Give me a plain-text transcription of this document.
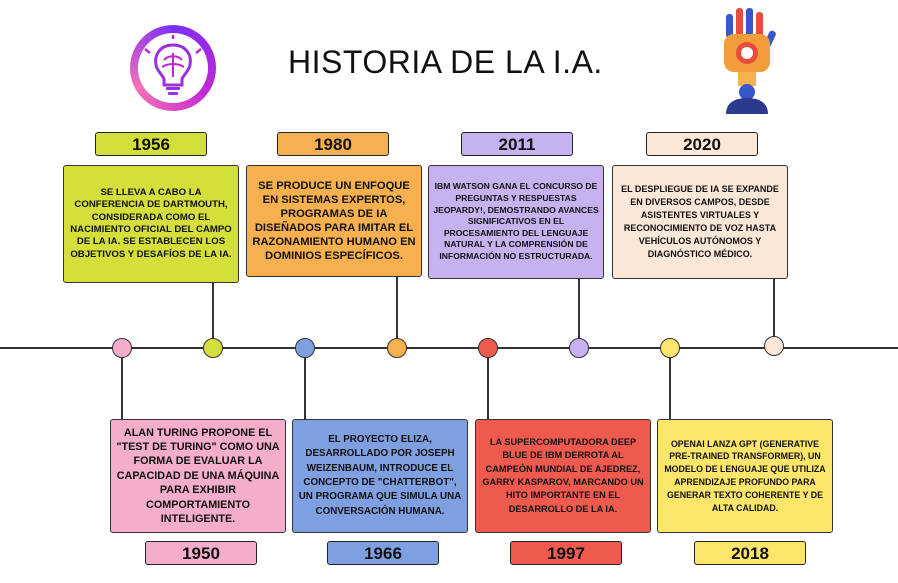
HISTORIA DE LA I.A.
1956	1980	2011	2020
SE LLEVA A CABO LA CONFERENCIA DE DARTMOUTH, CONSIDERADA COMO EL NACIMIENTO OFICIAL DEL CAMPO DE LA IA. SE ESTABLECEN LOS OBJETIVOS Y DESAFÍOS DE LA IA.
SE PRODUCE UN ENFOQUE EN SISTEMAS EXPERTOS, PROGRAMAS DE IA DISEÑADOS PARA IMITAR EL RAZONAMIENTO HUMANO EN DOMINIOS ESPECÍFICOS.
IBM WATSON GANA EL CONCURSO DE PREGUNTAS Y RESPUESTAS JEOPARDY!, DEMOSTRANDO AVANCES SIGNIFICATIVOS EN EL PROCESAMIENTO DEL LENGUAJE NATURAL Y LA COMPRENSIÓN DE INFORMACIÓN NO ESTRUCTURADA.
EL DESPLIEGUE DE IA SE EXPANDE EN DIVERSOS CAMPOS, DESDE ASISTENTES VIRTUALES Y RECONOCIMIENTO DE VOZ HASTA VEHÍCULOS AUTÓNOMOS Y DIAGNÓSTICO MÉDICO.
ALAN TURING PROPONE EL "TEST DE TURING" COMO UNA FORMA DE EVALUAR LA CAPACIDAD DE UNA MÁQUINA PARA EXHIBIR COMPORTAMIENTO INTELIGENTE.
EL PROYECTO ELIZA, DESARROLLADO POR JOSEPH WEIZENBAUM, INTRODUCE EL CONCEPTO DE "CHATTERBOT", UN PROGRAMA QUE SIMULA UNA CONVERSACIÓN HUMANA.
LA SUPERCOMPUTADORA DEEP BLUE DE IBM DERROTA AL CAMPEÓN MUNDIAL DE AJEDREZ, GARRY KASPAROV, MARCANDO UN HITO IMPORTANTE EN EL DESARROLLO DE LA IA.
OPENAI LANZA GPT (GENERATIVE PRE-TRAINED TRANSFORMER), UN MODELO DE LENGUAJE QUE UTILIZA APRENDIZAJE PROFUNDO PARA GENERAR TEXTO COHERENTE Y DE ALTA CALIDAD.
1950	1966	1997	2018
